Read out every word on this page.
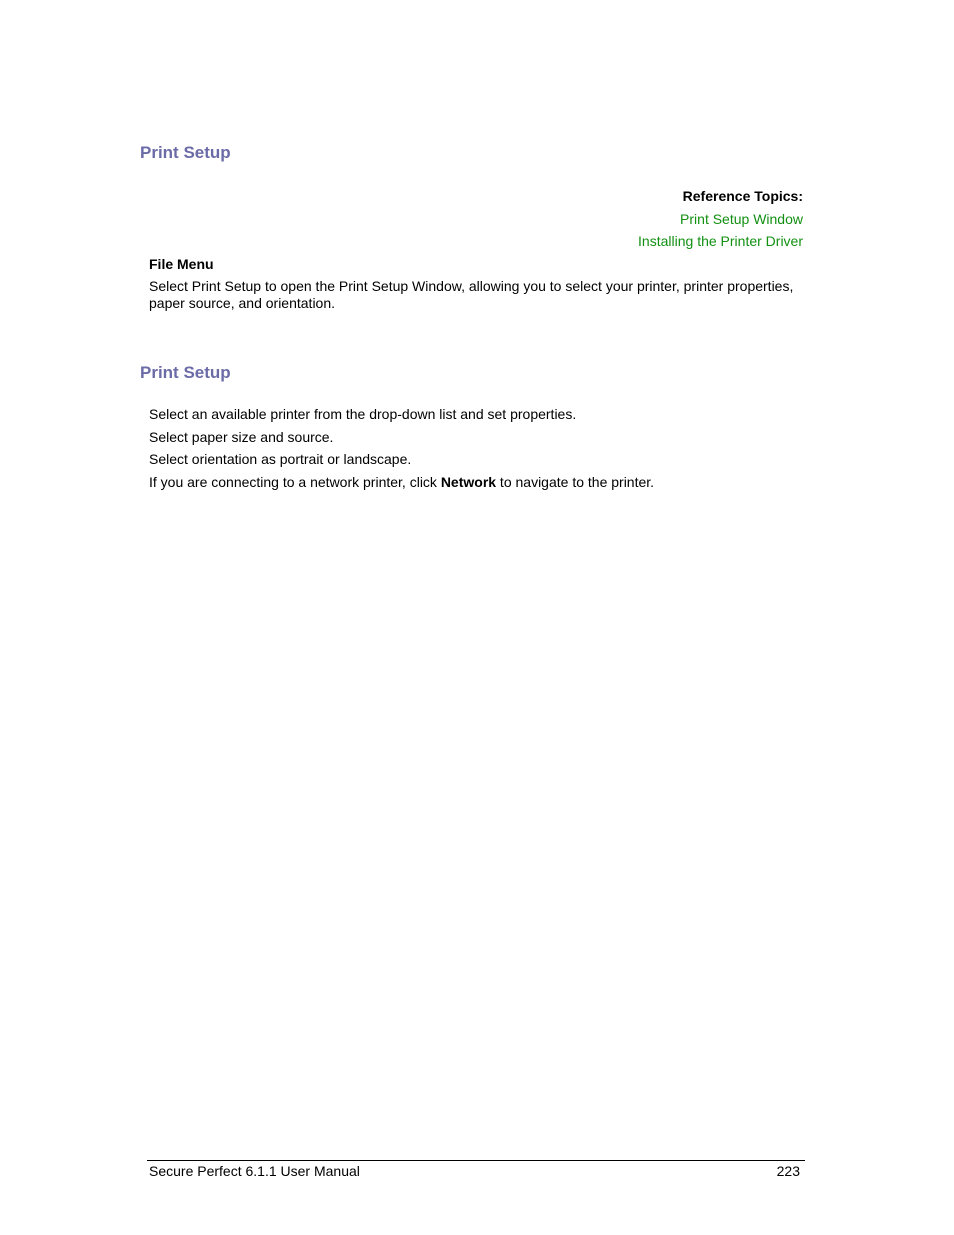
Print Setup
Reference Topics:
Print Setup Window
Installing the Printer Driver
File Menu

Select Print Setup to open the Print Setup Window, allowing you to select your printer, printer properties, paper source, and orientation.

Print Setup
Select an available printer from the drop-down list and set properties.
Select paper size and source.
Select orientation as portrait or landscape.
If you are connecting to a network printer, click Network to navigate to the printer.
Secure Perfect 6.1.1 User Manual	223
